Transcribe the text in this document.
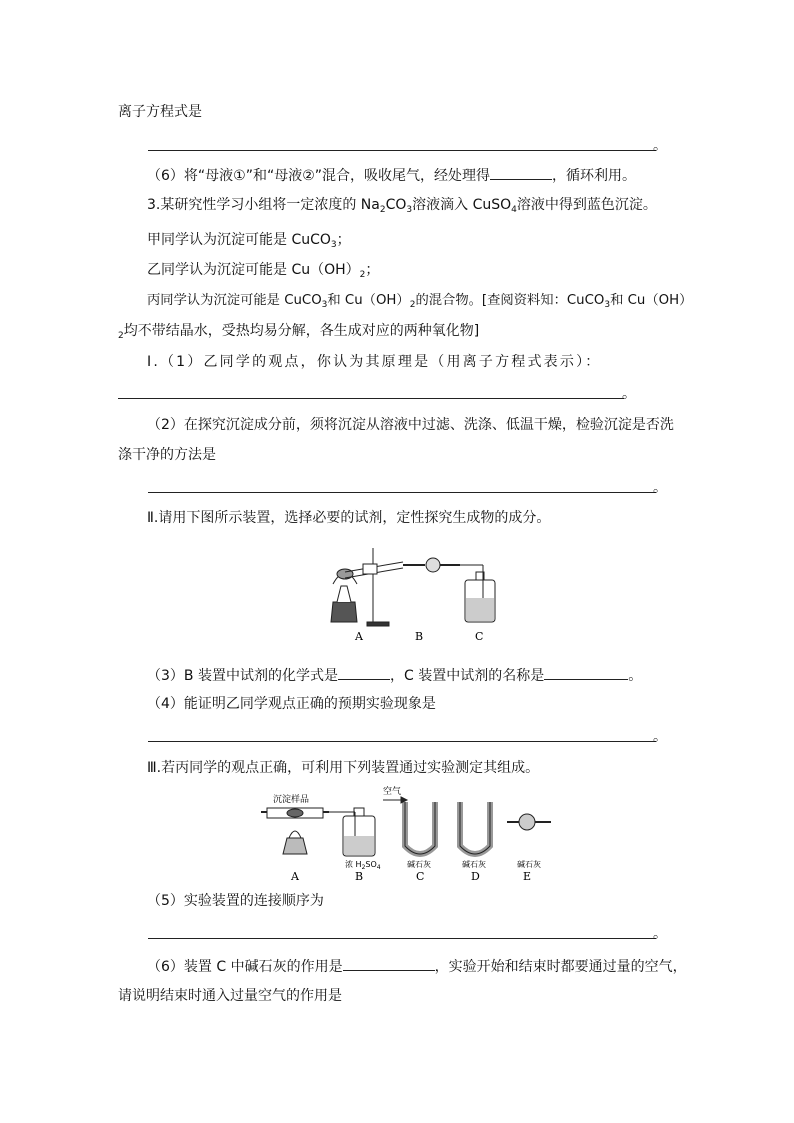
离子方程式是
。
（6）将“母液①”和“母液②”混合，吸收尾气，经处理得	，循环利用。
3.某研究性学习小组将一定浓度的 $Na_2CO_3$溶液滴入 CuSO$_4$溶液中得到蓝色沉淀。
甲同学认为沉淀可能是 CuCO$_3$；
乙同学认为沉淀可能是 $Cu(OH)_2$；
丙同学认为沉淀可能是 CuCO$_3$和 $Cu(OH)_2$的混合物。[查阅资料知：CuCO$_3$和 Cu（OH）
$_2$均不带结晶水，受热均易分解，各生成对应的两种氧化物]
Ⅰ.（1）乙同学的观点，你认为其原理是（用离子方程式表示）：
。
（2）在探究沉淀成分前，须将沉淀从溶液中过滤、洗涤、低温干燥，检验沉淀是否洗
涤干净的方法是
。
Ⅱ.请用下图所示装置，选择必要的试剂，定性探究生成物的成分。
A	B	C
（3）B 装置中试剂的化学式是	，C 装置中试剂的名称是	。
（4）能证明乙同学观点正确的预期实验现象是
。
Ⅲ.若丙同学的观点正确，可利用下列装置通过实验测定其组成。
沉淀样品
空气
浓 $H_2SO_4$	碱石灰	碱石灰	碱石灰
A	B	C	D	E
（5）实验装置的连接顺序为
。
（6）装置 C 中碱石灰的作用是	，实验开始和结束时都要通过量的空气，
请说明结束时通入过量空气的作用是
